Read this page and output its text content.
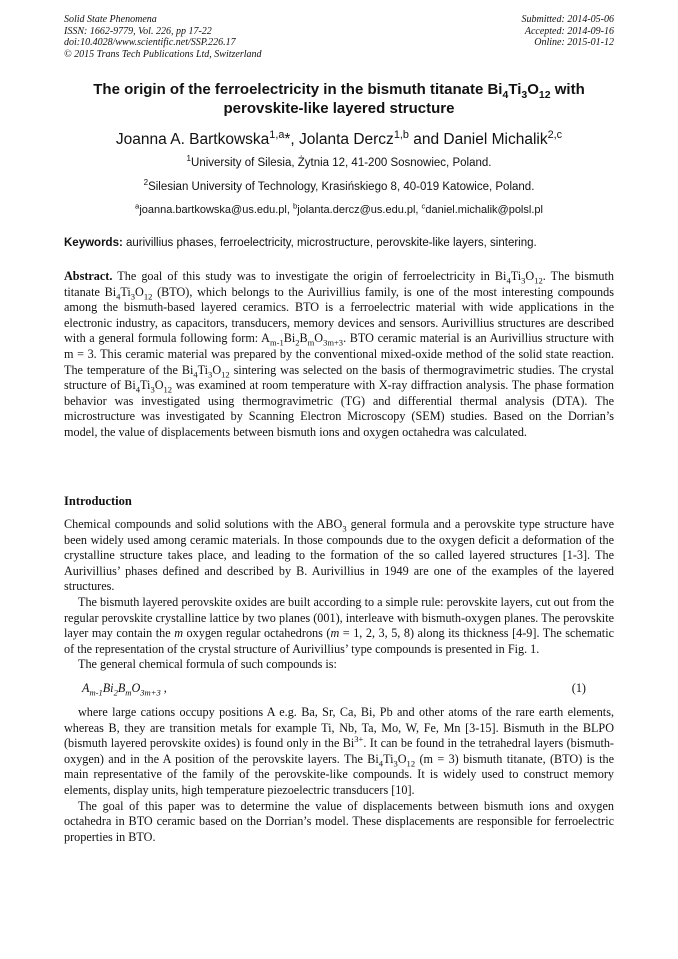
Solid State Phenomena
ISSN: 1662-9779, Vol. 226, pp 17-22
doi:10.4028/www.scientific.net/SSP.226.17
© 2015 Trans Tech Publications Ltd, Switzerland
Submitted: 2014-05-06
Accepted: 2014-09-16
Online: 2015-01-12
The origin of the ferroelectricity in the bismuth titanate $Bi_4Ti_3O_{12}$ with perovskite-like layered structure
Joanna A. Bartkowska$^{1,a}$*, Jolanta Dercz$^{1,b}$ and Daniel Michalik$^{2,c}$
$^1$University of Silesia, Żytnia 12, 41-200 Sosnowiec, Poland.
$^2$Silesian University of Technology, Krasińskiego 8, 40-019 Katowice, Poland.
$^a$joanna.bartkowska@us.edu.pl, $^b$jolanta.dercz@us.edu.pl, $^c$daniel.michalik@polsl.pl
Keywords: aurivillius phases, ferroelectricity, microstructure, perovskite-like layers, sintering.
Abstract. The goal of this study was to investigate the origin of ferroelectricity in $Bi_4Ti_3O_{12}$. The bismuth titanate $Bi_4Ti_3O_{12}$ (BTO), which belongs to the Aurivillius family, is one of the most interesting compounds among the bismuth-based layered ceramics. BTO is a ferroelectric material with wide applications in the electronic industry, as capacitors, transducers, memory devices and sensors. Aurivillius structures are described with a general formula following form: $A_{m-1}Bi_2B_mO_{3m+3}$. BTO ceramic material is an Aurivillius structure with m = 3. This ceramic material was prepared by the conventional mixed-oxide method of the solid state reaction. The temperature of the $Bi_4Ti_3O_{12}$ sintering was selected on the basis of thermogravimetric studies. The crystal structure of $Bi_4Ti_3O_{12}$ was examined at room temperature with X-ray diffraction analysis. The phase formation behavior was investigated using thermogravimetric (TG) and differential thermal analysis (DTA). The microstructure was investigated by Scanning Electron Microscopy (SEM) studies. Based on the Dorrian’s model, the value of displacements between bismuth ions and oxygen octahedra was calculated.
Introduction

Chemical compounds and solid solutions with the $ABO_3$ general formula and a perovskite type structure have been widely used among ceramic materials. In those compounds due to the oxygen deficit a deformation of the crystalline structure takes place, and leading to the formation of the so called layered structures [1-3]. The Aurivillius’ phases defined and described by B. Aurivillius in 1949 are one of the examples of the layered structures.

The bismuth layered perovskite oxides are built according to a simple rule: perovskite layers, cut out from the regular perovskite crystalline lattice by two planes (001), interleave with bismuth-oxygen planes. The perovskite layer may contain the m oxygen regular octahedrons (m = 1, 2, 3, 5, 8) along its thickness [4-9]. The schematic of the representation of the crystal structure of Aurivillius’ type compounds is presented in Fig. 1.

The general chemical formula of such compounds is:

$A_{m-1}Bi_2B_mO_{3m+3}$ ,	(1)

where large cations occupy positions A e.g. Ba, Sr, Ca, Bi, Pb and other atoms of the rare earth elements, whereas B, they are transition metals for example Ti, Nb, Ta, Mo, W, Fe, Mn [3-15]. Bismuth in the BLPO (bismuth layered perovskite oxides) is found only in the $Bi^{3+}$. It can be found in the tetrahedral layers (bismuth-oxygen) and in the A position of the perovskite layers. The $Bi_4Ti_3O_{12}$ (m = 3) bismuth titanate, (BTO) is the main representative of the family of the perovskite-like compounds. It is widely used to construct memory elements, display units, high temperature piezoelectric transducers [10].

The goal of this paper was to determine the value of displacements between bismuth ions and oxygen octahedra in BTO ceramic based on the Dorrian’s model. These displacements are responsible for ferroelectric properties in BTO.
